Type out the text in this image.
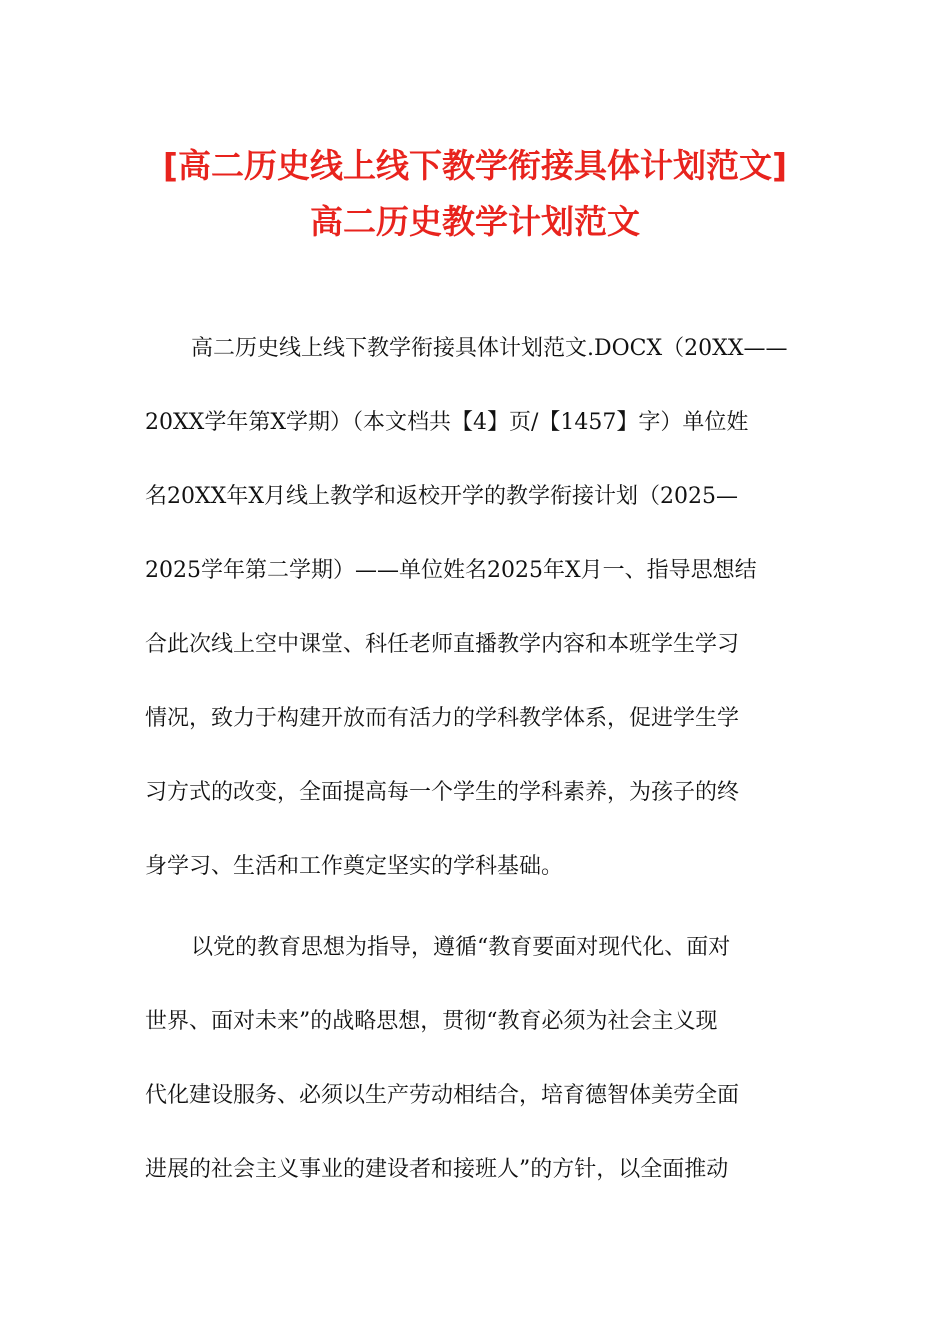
[高二历史线上线下教学衔接具体计划范文]
高二历史教学计划范文
高二历史线上线下教学衔接具体计划范文.DOCX（20XX——
20XX学年第X学期）（本文档共【4】页/【1457】字）单位姓
名20XX年X月线上教学和返校开学的教学衔接计划（2025—
2025学年第二学期）——单位姓名2025年X月一、指导思想结
合此次线上空中课堂、科任老师直播教学内容和本班学生学习
情况，致力于构建开放而有活力的学科教学体系，促进学生学
习方式的改变，全面提高每一个学生的学科素养，为孩子的终
身学习、生活和工作奠定坚实的学科基础。
以党的教育思想为指导，遵循“教育要面对现代化、面对
世界、面对未来”的战略思想，贯彻“教育必须为社会主义现
代化建设服务、必须以生产劳动相结合，培育德智体美劳全面
进展的社会主义事业的建设者和接班人”的方针，以全面推动
